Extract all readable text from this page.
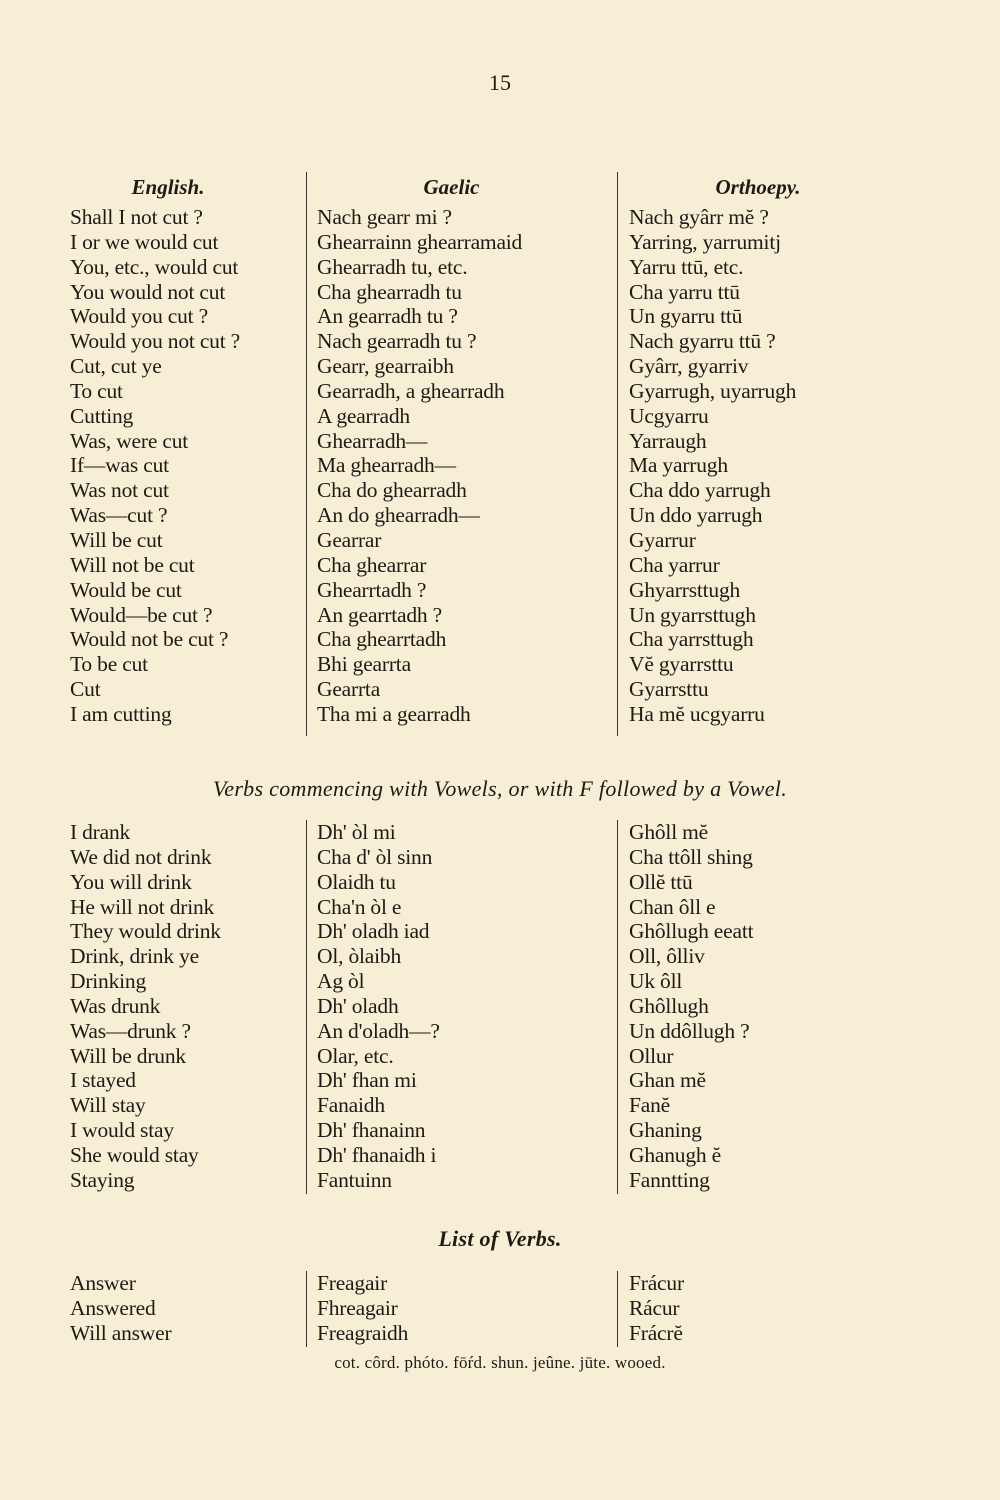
15
English.
Shall I not cut ?
I or we would cut
You, etc., would cut
You would not cut
Would you cut ?
Would you not cut ?
Cut, cut ye
To cut
Cutting
Was, were cut
If—was cut
Was not cut
Was—cut ?
Will be cut
Will not be cut
Would be cut
Would—be cut ?
Would not be cut ?
To be cut
Cut
I am cutting
Gaelic
Nach gearr mi ?
Ghearrainn ghearramaid
Ghearradh tu, etc.
Cha ghearradh tu
An gearradh tu ?
Nach gearradh tu ?
Gearr, gearraibh
Gearradh, a ghearradh
A gearradh
Ghearradh—
Ma ghearradh—
Cha do ghearradh
An do ghearradh—
Gearrar
Cha ghearrar
Ghearrtadh ?
An gearrtadh ?
Cha ghearrtadh
Bhi gearrta
Gearrta
Tha mi a gearradh
Orthoepy.
Nach gyârr mĕ ?
Yarring, yarrumitj
Yarru ttū, etc.
Cha yarru ttū
Un gyarru ttū
Nach gyarru ttū ?
Gyârr, gyarriv
Gyarrugh, uyarrugh
Ucgyarru
Yarraugh
Ma yarrugh
Cha ddo yarrugh
Un ddo yarrugh
Gyarrur
Cha yarrur
Ghyarrsttugh
Un gyarrsttugh
Cha yarrsttugh
Vĕ gyarrsttu
Gyarrsttu
Ha mĕ ucgyarru
Verbs commencing with Vowels, or with F followed by a Vowel.
I drank
We did not drink
You will drink
He will not drink
They would drink
Drink, drink ye
Drinking
Was drunk
Was—drunk ?
Will be drunk
I stayed
Will stay
I would stay
She would stay
Staying
Dh' òl mi
Cha d' òl sinn
Olaidh tu
Cha'n òl e
Dh' oladh iad
Ol, òlaibh
Ag òl
Dh' oladh
An d'oladh—?
Olar, etc.
Dh' fhan mi
Fanaidh
Dh' fhanainn
Dh' fhanaidh i
Fantuinn
Ghôll mĕ
Cha ttôll shing
Ollĕ ttū
Chan ôll e
Ghôllugh eeatt
Oll, ôlliv
Uk ôll
Ghôllugh
Un ddôllugh ?
Ollur
Ghan mĕ
Fanĕ
Ghaning
Ghanugh ĕ
Fanntting
List of Verbs.
Answer
Answered
Will answer
Freagair
Fhreagair
Freagraidh
Frácur
Rácur
Frácrĕ
cot. côrd. phóto. fōŕd. shun. jeûne. jūte. wooed.
